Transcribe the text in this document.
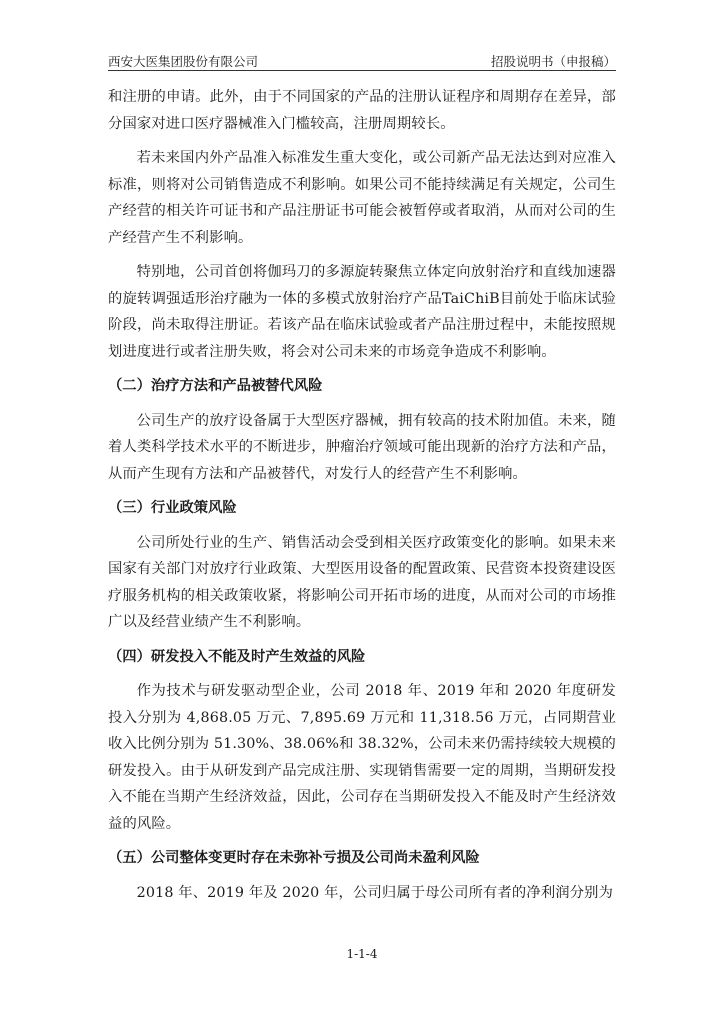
西安大医集团股份有限公司	招股说明书（申报稿）

和注册的申请。此外，由于不同国家的产品的注册认证程序和周期存在差异，部分国家对进口医疗器械准入门槛较高，注册周期较长。

若未来国内外产品准入标准发生重大变化，或公司新产品无法达到对应准入标准，则将对公司销售造成不利影响。如果公司不能持续满足有关规定，公司生产经营的相关许可证书和产品注册证书可能会被暂停或者取消，从而对公司的生产经营产生不利影响。

特别地，公司首创将伽玛刀的多源旋转聚焦立体定向放射治疗和直线加速器的旋转调强适形治疗融为一体的多模式放射治疗产品TaiChiB目前处于临床试验阶段，尚未取得注册证。若该产品在临床试验或者产品注册过程中，未能按照规划进度进行或者注册失败，将会对公司未来的市场竞争造成不利影响。

（二）治疗方法和产品被替代风险

公司生产的放疗设备属于大型医疗器械，拥有较高的技术附加值。未来，随着人类科学技术水平的不断进步，肿瘤治疗领域可能出现新的治疗方法和产品，从而产生现有方法和产品被替代，对发行人的经营产生不利影响。

（三）行业政策风险

公司所处行业的生产、销售活动会受到相关医疗政策变化的影响。如果未来国家有关部门对放疗行业政策、大型医用设备的配置政策、民营资本投资建设医疗服务机构的相关政策收紧，将影响公司开拓市场的进度，从而对公司的市场推广以及经营业绩产生不利影响。

（四）研发投入不能及时产生效益的风险

作为技术与研发驱动型企业，公司 2018 年、2019 年和 2020 年度研发投入分别为 4,868.05 万元、7,895.69 万元和 11,318.56 万元，占同期营业收入比例分别为 51.30%、38.06%和 38.32%，公司未来仍需持续较大规模的研发投入。由于从研发到产品完成注册、实现销售需要一定的周期，当期研发投入不能在当期产生经济效益，因此，公司存在当期研发投入不能及时产生经济效益的风险。

（五）公司整体变更时存在未弥补亏损及公司尚未盈利风险

2018 年、2019 年及 2020 年，公司归属于母公司所有者的净利润分别为

1-1-4
